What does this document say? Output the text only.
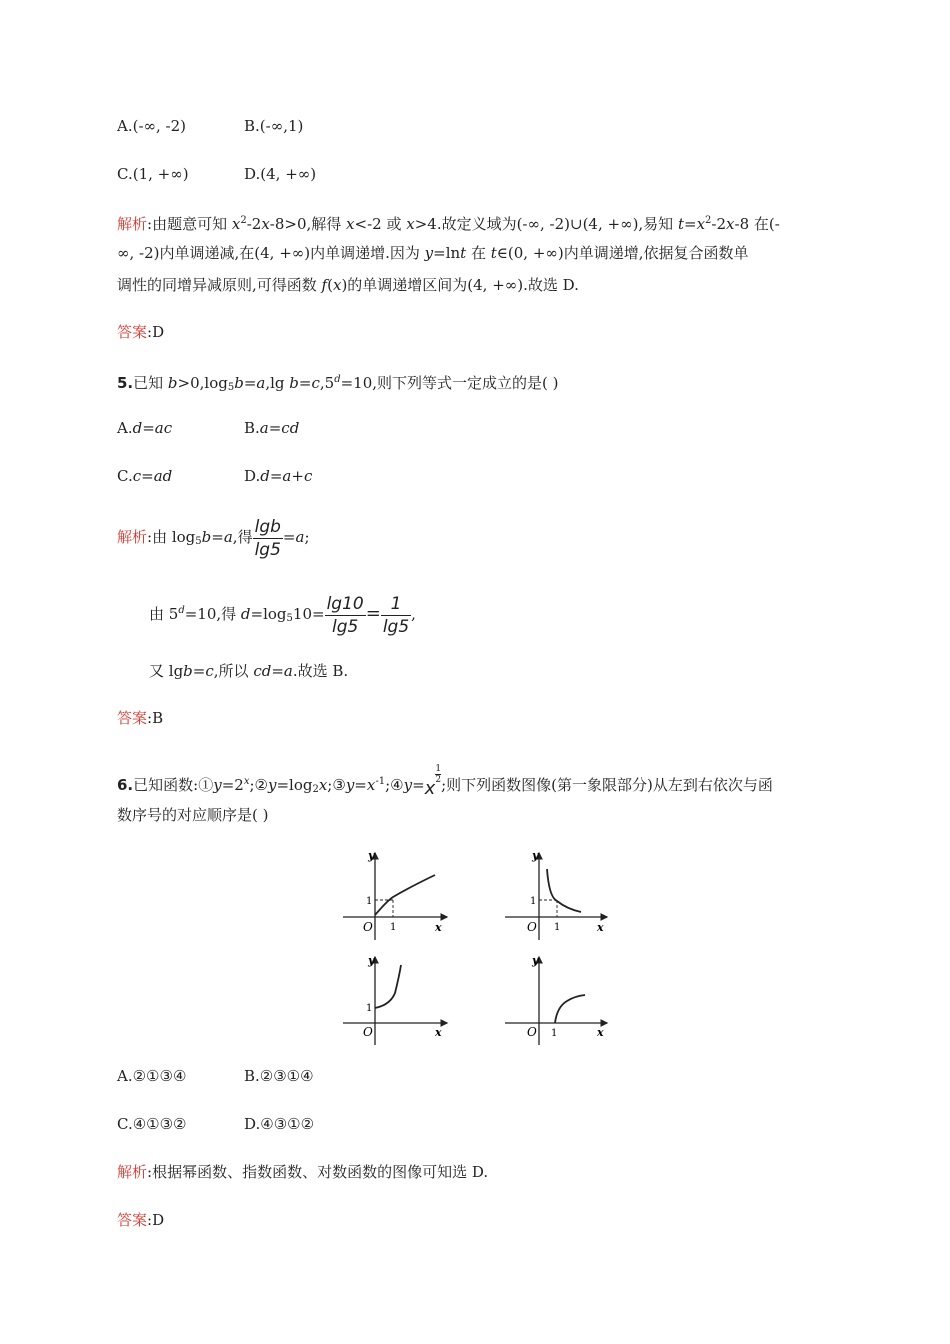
A.(-∞, -2)	B.(-∞,1)
C.(1, +∞)	D.(4, +∞)
解析:由题意可知 $x^2-2x-8>0$,解得 x<-2 或 x>4.故定义域为(-∞, -2)∪(4, +∞),易知 $t=x^2-2x-8$ 在(-
∞, -2)内单调递减,在(4, +∞)内单调递增.因为 y=lnt 在 t∈(0, +∞)内单调递增,依据复合函数单
调性的同增异减原则,可得函数 f(x)的单调递增区间为(4, +∞).故选 D.
答案:D
5.已知 $b>0,\log_5b=a,\lg$ b=c,5$^d$=10,则下列等式一定成立的是( )
A.d=ac	B.a=cd
C.c=ad	D.d=a+c
解析:由 $\log_5b=a$,得 $\frac{\lg b}{\lg 5} =a$;
由 $5^d=10$,得 $d=\log_510= \frac{\lg 10}{\lg 5} = \frac{1}{\lg 5}$ ,
又 lgb=c,所以 cd=a.故选 B.
答案:B
6.已知函数$:①y=2^x;②y=\log_2x;③y=x^{-1};④y=x$
$\frac{1}{2}$ ;则下列函数图像(第一象限部分)从左到右依次与函
数序号的对应顺序是( )
y
x
O
1
1
y
x
O
1
1
y
x
O
1
y
x
O 1
A.②①③④	B.②③①④
C.④①③②	D.④③①②
解析:根据幂函数、指数函数、对数函数的图像可知选 D.
答案:D
